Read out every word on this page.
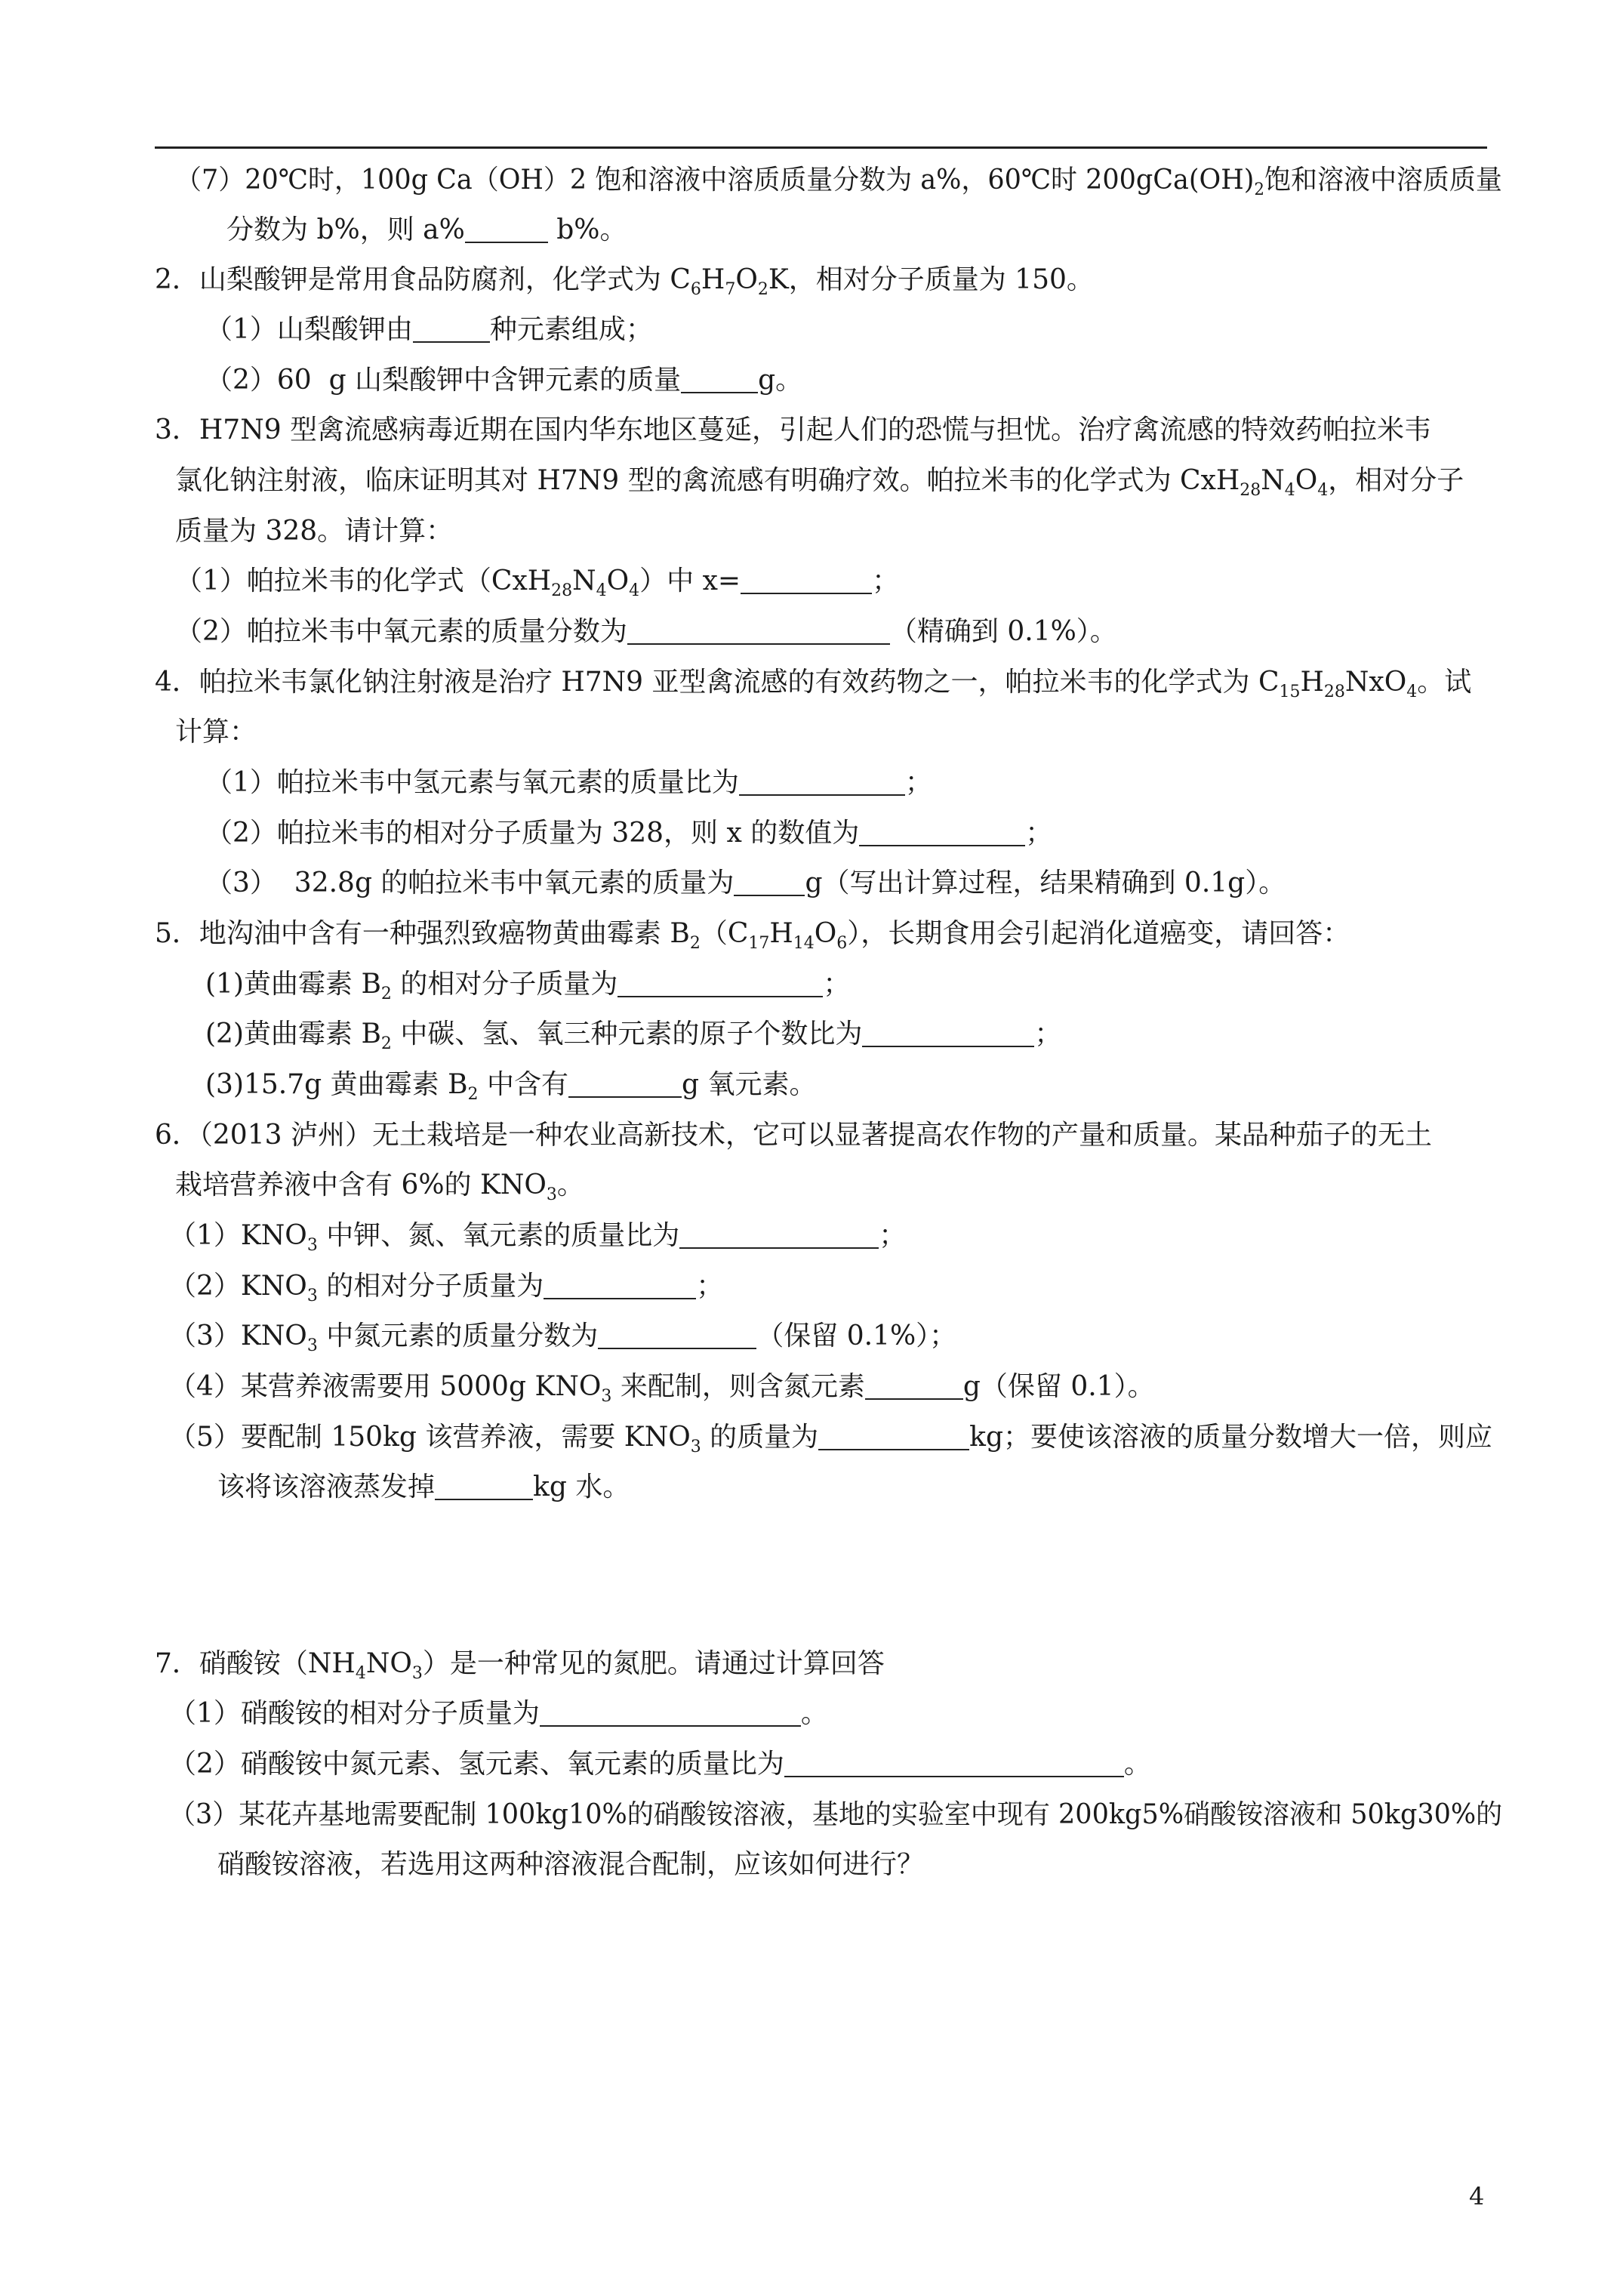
（7）20℃时，100g Ca（OH）2 饱和溶液中溶质质量分数为 a%，60℃时 $200gCa(OH)_2$饱和溶液中溶质质量
分数为 b%，则 a%	b%。
2．山梨酸钾是常用食品防腐剂，化学式为 $C_6H_7O_2K$，相对分子质量为 150。
（1）山梨酸钾由	种元素组成；
（2）60  g 山梨酸钾中含钾元素的质量	g。
3．H7N9 型禽流感病毒近期在国内华东地区蔓延，引起人们的恐慌与担忧。治疗禽流感的特效药帕拉米韦
氯化钠注射液，临床证明其对 H7N9 型的禽流感有明确疗效。帕拉米韦的化学式为 $CxH_{28}N_4O_4$，相对分子
质量为 328。请计算：
（1）帕拉米韦的化学式$(CxH_{28}N_4O_4)$中 x=	；
（2）帕拉米韦中氧元素的质量分数为	（精确到 0.1%）。
4．帕拉米韦氯化钠注射液是治疗 H7N9 亚型禽流感的有效药物之一，帕拉米韦的化学式为 $C_{15}H_{28}NxO_4$。试
计算：
（1）帕拉米韦中氢元素与氧元素的质量比为	；
（2）帕拉米韦的相对分子质量为 328，则 x 的数值为	；
（3）  32.8g 的帕拉米韦中氧元素的质量为	g（写出计算过程，结果精确到 0.1g）。
5．地沟油中含有一种强烈致癌物黄曲霉素 $B_2(C_{17}H_{14}O_6)$，长期食用会引起消化道癌变，请回答：
(1)黄曲霉素 $B_2$ 的相对分子质量为	；
(2)黄曲霉素 $B_2$ 中碳、氢、氧三种元素的原子个数比为	；
(3)15.7g 黄曲霉素 $B_2$ 中含有	g 氧元素。
6．（2013 泸州）无土栽培是一种农业高新技术，它可以显著提高农作物的产量和质量。某品种茄子的无土
栽培营养液中含有 6%的 $KNO_3$。
$(1)KNO_3$ 中钾、氮、氧元素的质量比为	；
$(2)KNO_3$ 的相对分子质量为	；
$(3)KNO_3$ 中氮元素的质量分数为	（保留 0.1%）；
（4）某营养液需要用 5000g $KNO_3$ 来配制，则含氮元素	g（保留 0.1）。
（5）要配制 150kg 该营养液，需要 $KNO_3$ 的质量为	kg；要使该溶液的质量分数增大一倍，则应
该将该溶液蒸发掉	kg 水。
7．硝酸铵$(NH_4NO_3)$是一种常见的氮肥。请通过计算回答
（1）硝酸铵的相对分子质量为	。
（2）硝酸铵中氮元素、氢元素、氧元素的质量比为	。
（3）某花卉基地需要配制 100kg10%的硝酸铵溶液，基地的实验室中现有 200kg5%硝酸铵溶液和 50kg30%的
硝酸铵溶液，若选用这两种溶液混合配制，应该如何进行？
4
